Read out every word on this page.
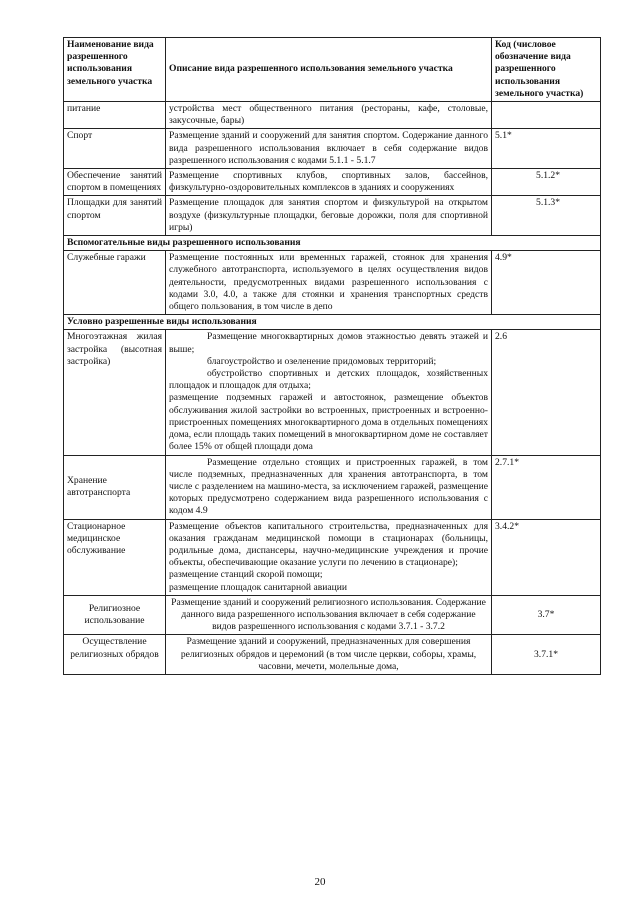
Наименование вида разрешенного использования земельного участка	Описание вида разрешенного использования земельного участка	Код (числовое обозначение вида разрешенного использования земельного участка)
питание	устройства мест общественного питания (рестораны, кафе, столовые, закусочные, бары)	
Спорт	Размещение зданий и сооружений для занятия спортом. Содержание данного вида разрешенного использования включает в себя содержание видов разрешенного использования с кодами 5.1.1 - 5.1.7	5.1*
Обеспечение занятий спортом в помещениях	Размещение спортивных клубов, спортивных залов, бассейнов, физкультурно-оздоровительных комплексов в зданиях и сооружениях	5.1.2*
Площадки для занятий спортом	Размещение площадок для занятия спортом и физкультурой на открытом воздухе (физкультурные площадки, беговые дорожки, поля для спортивной игры)	5.1.3*
Вспомогательные виды разрешенного использования		
Служебные гаражи	Размещение постоянных или временных гаражей, стоянок для хранения служебного автотранспорта, используемого в целях осуществления видов деятельности, предусмотренных видами разрешенного использования с кодами 3.0, 4.0, а также для стоянки и хранения транспортных средств общего пользования, в том числе в депо	4.9*
Условно разрешенные виды использования		
Многоэтажная жилая застройка (высотная застройка)	Размещение многоквартирных домов этажностью девять этажей и выше;

благоустройство и озеленение придомовых территорий;

обустройство спортивных и детских площадок, хозяйственных площадок и площадок для отдыха;

размещение подземных гаражей и автостоянок, размещение объектов обслуживания жилой застройки во встроенных, пристроенных и встроенно-пристроенных помещениях многоквартирного дома в отдельных помещениях дома, если площадь таких помещений в многоквартирном доме не составляет более 15% от общей площади дома	2.6
Хранение автотранспорта	Размещение отдельно стоящих и пристроенных гаражей, в том числе подземных, предназначенных для хранения автотранспорта, в том числе с разделением на машино-места, за исключением гаражей, размещение которых предусмотрено содержанием вида разрешенного использования с кодом 4.9	2.7.1*
Стационарное медицинское обслуживание	Размещение объектов капитального строительства, предназначенных для оказания гражданам медицинской помощи в стационарах (больницы, родильные дома, диспансеры, научно-медицинские учреждения и прочие объекты, обеспечивающие оказание услуги по лечению в стационаре);

размещение станций скорой помощи;

размещение площадок санитарной авиации	3.4.2*
Религиозное использование	Размещение зданий и сооружений религиозного использования. Содержание данного вида разрешенного использования включает в себя содержание видов разрешенного использования с кодами 3.7.1 - 3.7.2	3.7*
Осуществление религиозных обрядов	Размещение зданий и сооружений, предназначенных для совершения религиозных обрядов и церемоний (в том числе церкви, соборы, храмы, часовни, мечети, молельные дома,	3.7.1*
20
